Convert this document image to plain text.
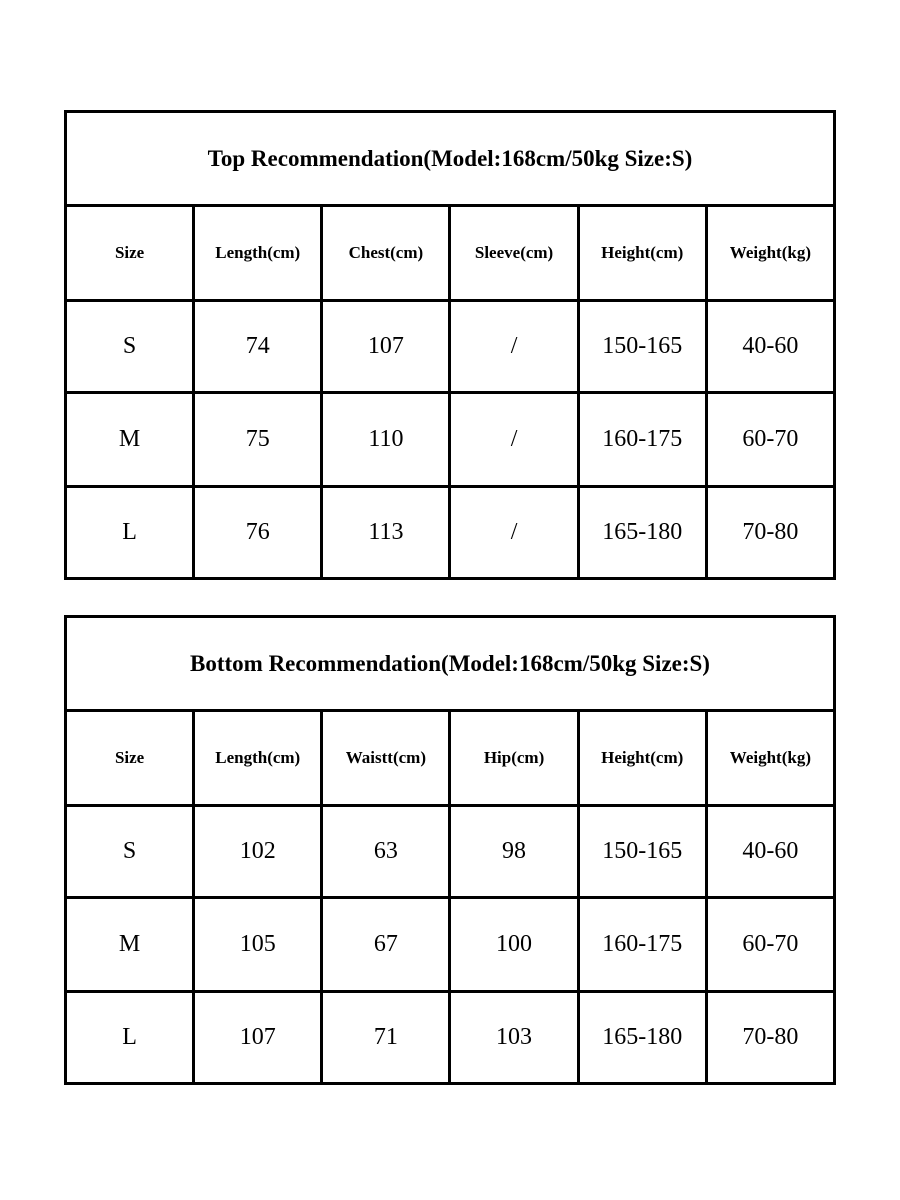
Top Recommendation(Model:168cm/50kg Size:S)					
Size	Length(cm)	Chest(cm)	Sleeve(cm)	Height(cm)	Weight(kg)
S	74	107	/	150-165	40-60
M	75	110	/	160-175	60-70
L	76	113	/	165-180	70-80
Bottom Recommendation(Model:168cm/50kg Size:S)					
Size	Length(cm)	Waistt(cm)	Hip(cm)	Height(cm)	Weight(kg)
S	102	63	98	150-165	40-60
M	105	67	100	160-175	60-70
L	107	71	103	165-180	70-80
